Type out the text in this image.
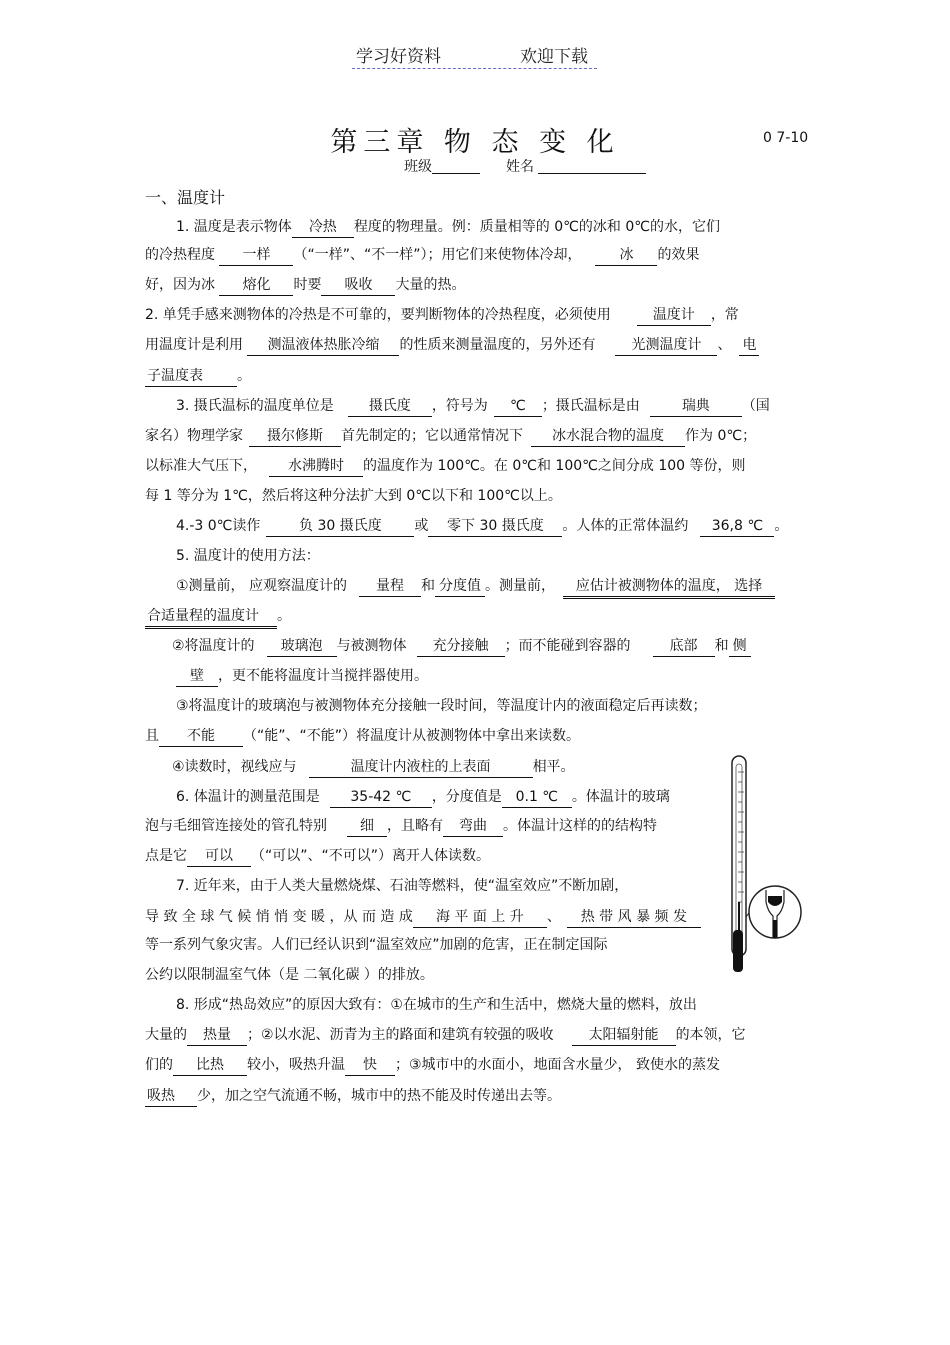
学习好资料	欢迎下载
第三章 物 态 变 化	0 7-10
班级	姓名
一、温度计
1. 温度是表示物体 冷热 程度的物理量。例：质量相等的 0℃的冰和 0℃的水，它们
的冷热程度 一样 （“一样”、“不一样”）；用它们来使物体冷却，	冰 的效果
好，因为冰 熔化 时要 吸收 大量的热。
2. 单凭手感来测物体的冷热是不可靠的，要判断物体的冷热程度，必须使用	温度计 ，常
用温度计是利用 测温液体热胀冷缩 的性质来测量温度的，另外还有	光测温度计 、 电
子温度表 。
3. 摄氏温标的温度单位是	摄氏度 ，符号为 ℃ ；摄氏温标是由	瑞典 （国
家名）物理学家 摄尔修斯 首先制定的；它以通常情况下 冰水混合物的温度 作为 0℃；
以标准大气压下， 水沸腾时 的温度作为 100℃。在 0℃和 100℃之间分成 100 等份，则
每 1 等分为 1℃，然后将这种分法扩大到 0℃以下和 100℃以上。
4.-3 0℃读作	负 30 摄氏度 或 零下 30 摄氏度 。人体的正常体温约 36,8 ℃ 。
5. 温度计的使用方法：
①测量前， 应观察温度计的 量程 和 分度值 。测量前， 应估计被测物体的温度， 选择
合适量程的温度计 。
②将温度计的 玻璃泡 与被测物体 充分接触 ；而不能碰到容器的	底部 和 侧
壁 ，更不能将温度计当搅拌器使用。
③将温度计的玻璃泡与被测物体充分接触一段时间，等温度计内的液面稳定后再读数；
且 不能 （“能”、“不能”）将温度计从被测物体中拿出来读数。
④读数时，视线应与	温度计内液柱的上表面	相平。
6. 体温计的测量范围是 35-42 ℃ ，分度值是 0.1 ℃ 。体温计的玻璃
泡与毛细管连接处的管孔特别 细 ，且略有 弯曲 。体温计这样的的结构特
点是它 可以 （“可以”、“不可以”）离开人体读数。
7. 近年来，由于人类大量燃烧煤、石油等燃料，使“温室效应”不断加剧，
导 致 全 球 气 候 悄 悄 变 暖 ，从 而 造 成 海 平 面 上 升 、 热 带 风 暴 频 发
等一系列气象灾害。人们已经认识到“温室效应”加剧的危害，正在制定国际
公约以限制温室气体（是 二氧化碳 ）的排放。
8. 形成“热岛效应”的原因大致有：①在城市的生产和生活中，燃烧大量的燃料，放出
大量的 热量 ；②以水泥、沥青为主的路面和建筑有较强的吸收	太阳辐射能 的本领，它
们的 比热 较小，吸热升温 快 ；③城市中的水面小，地面含水量少， 致使水的蒸发
吸热 少，加之空气流通不畅，城市中的热不能及时传递出去等。
